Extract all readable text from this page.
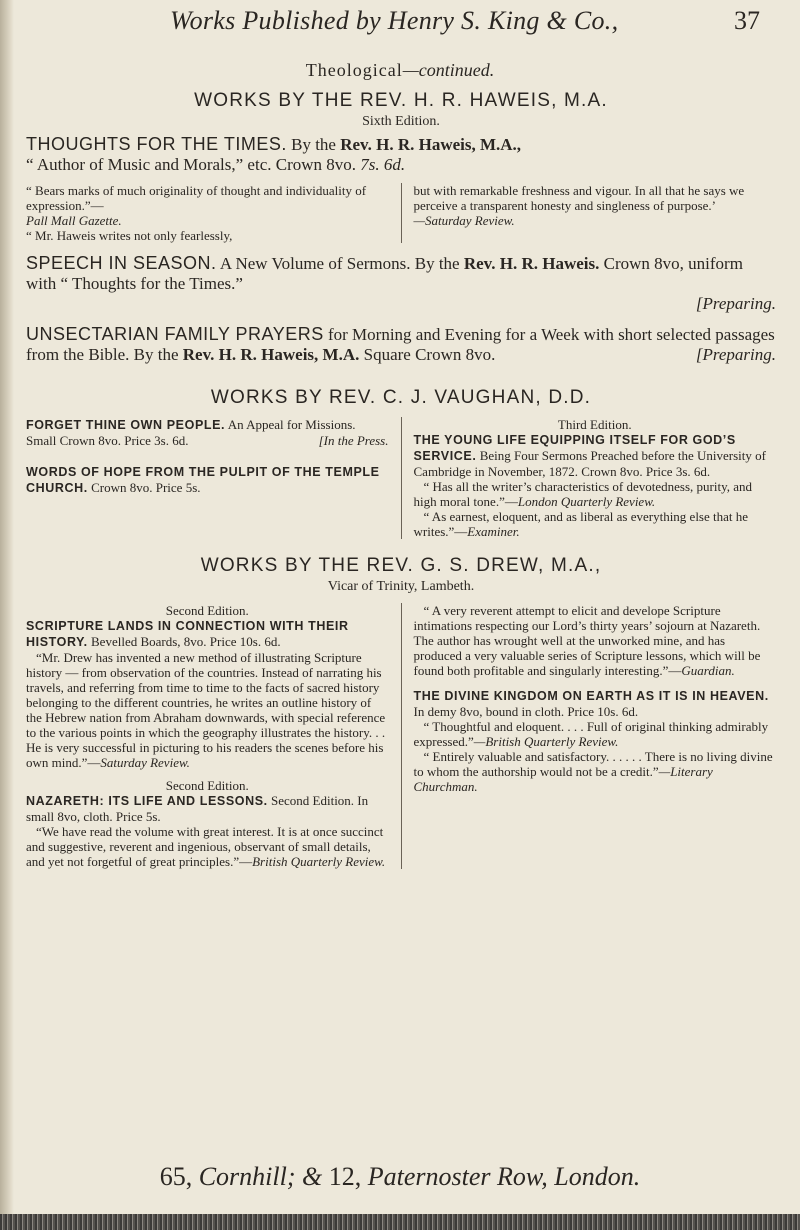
Works Published by Henry S. King & Co.,	37
Theological—continued.

WORKS BY THE REV. H. R. HAWEIS, M.A.

Sixth Edition.

THOUGHTS FOR THE TIMES. By the Rev. H. R. Haweis, M.A.,
“ Author of Music and Morals,” etc. Crown 8vo. 7s. 6d.

“ Bears marks of much originality of thought and individuality of expression.”—
Pall Mall Gazette.
“ Mr. Haweis writes not only fearlessly,
but with remarkable freshness and vigour. In all that he says we perceive a transparent honesty and singleness of purpose.’
—Saturday Review.

SPEECH IN SEASON. A New Volume of Sermons. By the Rev. H. R. Haweis. Crown 8vo, uniform with “ Thoughts for the Times.”

[Preparing.

UNSECTARIAN FAMILY PRAYERS for Morning and Evening for a Week with short selected passages from the Bible. By the Rev. H. R. Haweis, M.A. Square Crown 8vo.	[Preparing.

WORKS BY REV. C. J. VAUGHAN, D.D.

FORGET THINE OWN PEOPLE. An Appeal for Missions. Small Crown 8vo. Price 3s. 6d.	[In the Press.

WORDS OF HOPE FROM THE PULPIT OF THE TEMPLE CHURCH. Crown 8vo. Price 5s.

Third Edition.

THE YOUNG LIFE EQUIPPING ITSELF FOR GOD’S SERVICE. Being Four Sermons Preached before the University of Cambridge in November, 1872. Crown 8vo. Price 3s. 6d.

“ Has all the writer’s characteristics of devotedness, purity, and high moral tone.”—London Quarterly Review.

“ As earnest, eloquent, and as liberal as everything else that he writes.”—Examiner.

WORKS BY THE REV. G. S. DREW, M.A.,

Vicar of Trinity, Lambeth.

Second Edition.

SCRIPTURE LANDS IN CONNECTION WITH THEIR HISTORY. Bevelled Boards, 8vo. Price 10s. 6d.

“Mr. Drew has invented a new method of illustrating Scripture history — from observation of the countries. Instead of narrating his travels, and referring from time to time to the facts of sacred history belonging to the different countries, he writes an outline history of the Hebrew nation from Abraham downwards, with special reference to the various points in which the geography illustrates the history. . . He is very successful in picturing to his readers the scenes before his own mind.”—Saturday Review.

Second Edition.

NAZARETH: ITS LIFE AND LESSONS. Second Edition. In small 8vo, cloth. Price 5s.

“We have read the volume with great interest. It is at once succinct and suggestive, reverent and ingenious, observant of small details, and yet not forgetful of great principles.”—British Quarterly Review.

“ A very reverent attempt to elicit and develope Scripture intimations respecting our Lord’s thirty years’ sojourn at Nazareth. The author has wrought well at the unworked mine, and has produced a very valuable series of Scripture lessons, which will be found both profitable and singularly interesting.”—Guardian.

THE DIVINE KINGDOM ON EARTH AS IT IS IN HEAVEN. In demy 8vo, bound in cloth. Price 10s. 6d.

“ Thoughtful and eloquent. . . . Full of original thinking admirably expressed.”—British Quarterly Review.

“ Entirely valuable and satisfactory. . . . . . There is no living divine to whom the authorship would not be a credit.”—Literary Churchman.

65, Cornhill; & 12, Paternoster Row, London.
